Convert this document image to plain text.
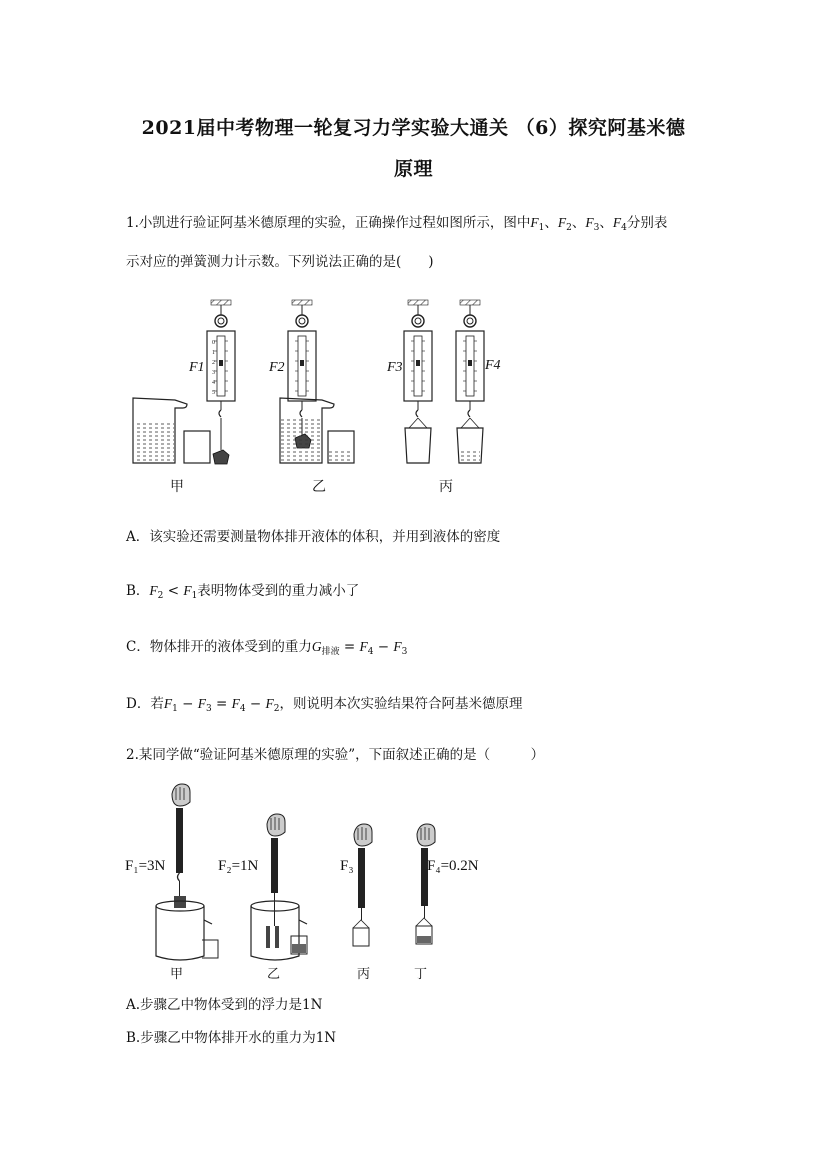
2021届中考物理一轮复习力学实验大通关 （6）探究阿基米德
原理
1.小凯进行验证阿基米德原理的实验，正确操作过程如图所示，图中$F_1$、$F_2$、$F_3$、$F_4$分别表
示对应的弹簧测力计示数。下列说法正确的是(　　)
0
1
2
3
4
5
F1	F2	F3	F4
甲	乙	丙
A．该实验还需要测量物体排开液体的体积，并用到液体的密度
B．$F_2 < F_1$表明物体受到的重力减小了
C．物体排开的液体受到的重力$G_{排液} = F_4 - F_3$
D．若$F_1 - F_3 = F_4 - F_2$，则说明本次实验结果符合阿基米德原理
2.某同学做“验证阿基米德原理的实验”，下面叙述正确的是（　　　）
F₁=3N	F₂=1N	F₃	F₄=0.2N
甲	乙	丙	丁
A.步骤乙中物体受到的浮力是1N
B.步骤乙中物体排开水的重力为1N
